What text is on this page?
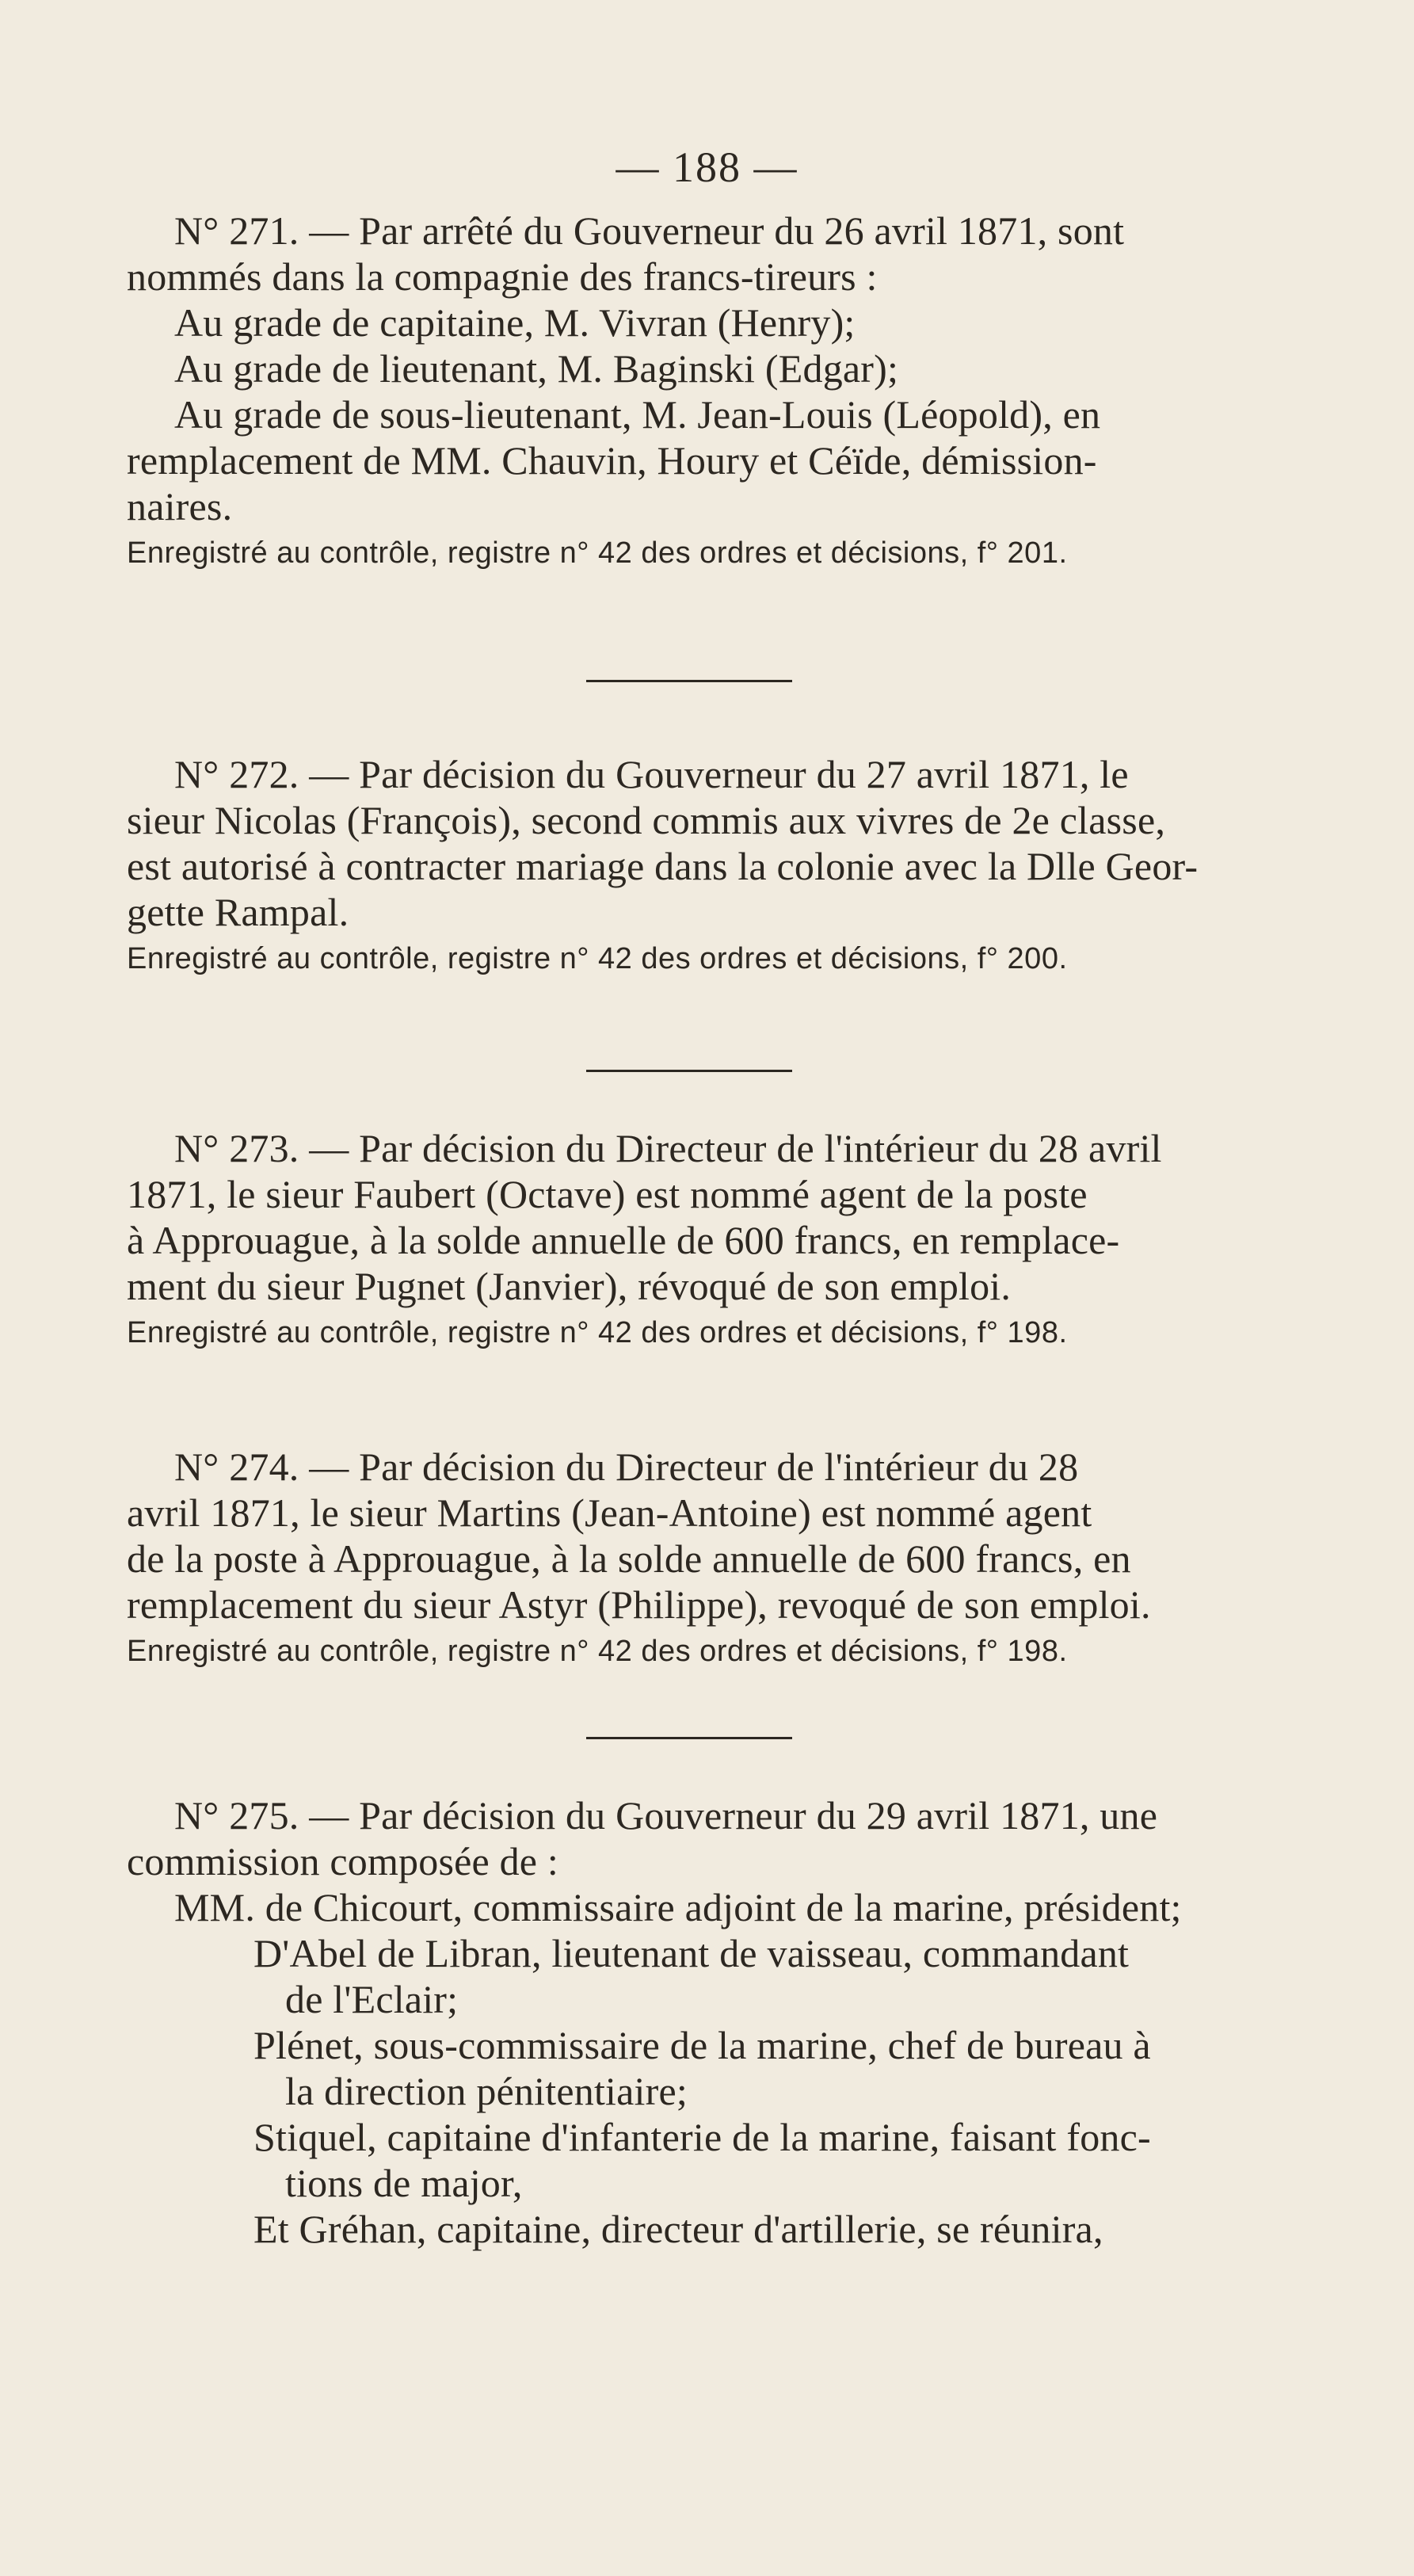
— 188 —

N° 271. — Par arrêté du Gouverneur du 26 avril 1871, sont
nommés dans la compagnie des francs-tireurs :
Au grade de capitaine, M. Vivran (Henry);
Au grade de lieutenant, M. Baginski (Edgar);
Au grade de sous-lieutenant, M. Jean-Louis (Léopold), en
remplacement de MM. Chauvin, Houry et Céïde, démission-
naires.

Enregistré au contrôle, registre n° 42 des ordres et décisions, f° 201.

N° 272. — Par décision du Gouverneur du 27 avril 1871, le
sieur Nicolas (François), second commis aux vivres de 2e classe,
est autorisé à contracter mariage dans la colonie avec la Dlle Geor-
gette Rampal.

Enregistré au contrôle, registre n° 42 des ordres et décisions, f° 200.

N° 273. — Par décision du Directeur de l'intérieur du 28 avril
1871, le sieur Faubert (Octave) est nommé agent de la poste
à Approuague, à la solde annuelle de 600 francs, en remplace-
ment du sieur Pugnet (Janvier), révoqué de son emploi.

Enregistré au contrôle, registre n° 42 des ordres et décisions, f° 198.

N° 274. — Par décision du Directeur de l'intérieur du 28
avril 1871, le sieur Martins (Jean-Antoine) est nommé agent
de la poste à Approuague, à la solde annuelle de 600 francs, en
remplacement du sieur Astyr (Philippe), revoqué de son emploi.

Enregistré au contrôle, registre n° 42 des ordres et décisions, f° 198.

N° 275. — Par décision du Gouverneur du 29 avril 1871, une
commission composée de :
MM. de Chicourt, commissaire adjoint de la marine, président;
D'Abel de Libran, lieutenant de vaisseau, commandant
de l'Eclair;
Plénet, sous-commissaire de la marine, chef de bureau à
la direction pénitentiaire;
Stiquel, capitaine d'infanterie de la marine, faisant fonc-
tions de major,
Et Gréhan, capitaine, directeur d'artillerie, se réunira,
